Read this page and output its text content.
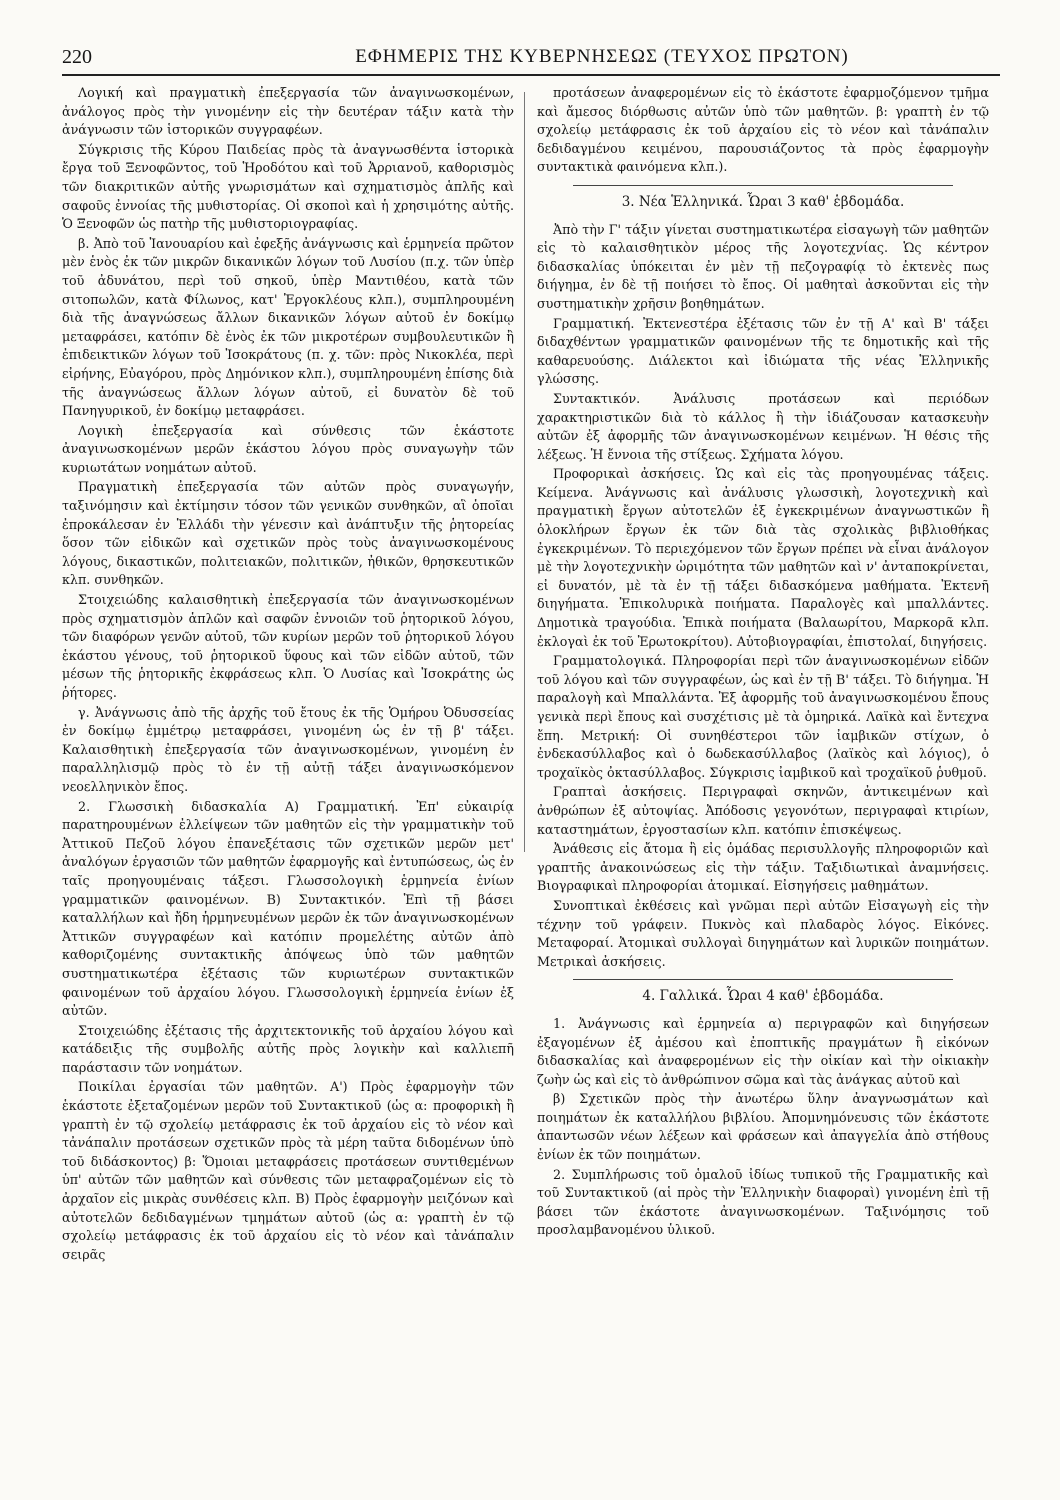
220	ΕΦΗΜΕΡΙΣ ΤΗΣ ΚΥΒΕΡΝΗΣΕΩΣ (ΤΕΥΧΟΣ ΠΡΩΤΟΝ)

Λογική καὶ πραγματικὴ ἐπεξεργασία τῶν ἀναγινωσκομένων, ἀνάλογος πρὸς τὴν γινομένην εἰς τὴν δευτέραν τάξιν κατὰ τὴν ἀνάγνωσιν τῶν ἱστορικῶν συγγραφέων.

Σύγκρισις τῆς Κύρου Παιδείας πρὸς τὰ ἀναγνωσθέντα ἱστορικὰ ἔργα τοῦ Ξενοφῶντος, τοῦ Ἡροδότου καὶ τοῦ Ἀρριανοῦ, καθορισμὸς τῶν διακριτικῶν αὐτῆς γνωρισμάτων καὶ σχηματισμὸς ἁπλῆς καὶ σαφοῦς ἐννοίας τῆς μυθιστορίας. Οἱ σκοποὶ καὶ ἡ χρησιμότης αὐτῆς. Ὁ Ξενοφῶν ὡς πατὴρ τῆς μυθιστοριογραφίας.

β. Ἀπὸ τοῦ Ἰανουαρίου καὶ ἐφεξῆς ἀνάγνωσις καὶ ἑρμηνεία πρῶτον μὲν ἑνὸς ἐκ τῶν μικρῶν δικανικῶν λόγων τοῦ Λυσίου (π.χ. τῶν ὑπὲρ τοῦ ἀδυνάτου, περὶ τοῦ σηκοῦ, ὑπὲρ Μαντιθέου, κατὰ τῶν σιτοπωλῶν, κατὰ Φίλωνος, κατ' Ἐργοκλέους κλπ.), συμπληρουμένη διὰ τῆς ἀναγνώσεως ἄλλων δικανικῶν λόγων αὐτοῦ ἐν δοκίμῳ μεταφράσει, κατόπιν δὲ ἑνὸς ἐκ τῶν μικροτέρων συμβουλευτικῶν ἢ ἐπιδεικτικῶν λόγων τοῦ Ἰσοκράτους (π. χ. τῶν: πρὸς Νικοκλέα, περὶ εἰρήνης, Εὐαγόρου, πρὸς Δημόνικον κλπ.), συμπληρουμένη ἐπίσης διὰ τῆς ἀναγνώσεως ἄλλων λόγων αὐτοῦ, εἰ δυνατὸν δὲ τοῦ Πανηγυρικοῦ, ἐν δοκίμῳ μεταφράσει.

Λογικὴ ἐπεξεργασία καὶ σύνθεσις τῶν ἑκάστοτε ἀναγινωσκομένων μερῶν ἑκάστου λόγου πρὸς συναγωγὴν τῶν κυριωτάτων νοημάτων αὐτοῦ.

Πραγματικὴ ἐπεξεργασία τῶν αὐτῶν πρὸς συναγωγήν, ταξινόμησιν καὶ ἐκτίμησιν τόσον τῶν γενικῶν συνθηκῶν, αἳ ὁποῖαι ἐπροκάλεσαν ἐν Ἑλλάδι τὴν γένεσιν καὶ ἀνάπτυξιν τῆς ῥητορείας ὅσον τῶν εἰδικῶν καὶ σχετικῶν πρὸς τοὺς ἀναγινωσκομένους λόγους, δικαστικῶν, πολιτειακῶν, πολιτικῶν, ἠθικῶν, θρησκευτικῶν κλπ. συνθηκῶν.

Στοιχειώδης καλαισθητικὴ ἐπεξεργασία τῶν ἀναγινωσκομένων πρὸς σχηματισμὸν ἁπλῶν καὶ σαφῶν ἐννοιῶν τοῦ ῥητορικοῦ λόγου, τῶν διαφόρων γενῶν αὐτοῦ, τῶν κυρίων μερῶν τοῦ ῥητορικοῦ λόγου ἑκάστου γένους, τοῦ ῥητορικοῦ ὕφους καὶ τῶν εἰδῶν αὐτοῦ, τῶν μέσων τῆς ῥητορικῆς ἐκφράσεως κλπ. Ὁ Λυσίας καὶ Ἰσοκράτης ὡς ῥήτορες.

γ. Ἀνάγνωσις ἀπὸ τῆς ἀρχῆς τοῦ ἔτους ἐκ τῆς Ὁμήρου Ὀδυσσείας ἐν δοκίμῳ ἐμμέτρῳ μεταφράσει, γινομένη ὡς ἐν τῇ β' τάξει. Καλαισθητικὴ ἐπεξεργασία τῶν ἀναγινωσκομένων, γινομένη ἐν παραλληλισμῷ πρὸς τὸ ἐν τῇ αὐτῇ τάξει ἀναγινωσκόμενον νεοελληνικὸν ἔπος.

2. Γλωσσικὴ διδασκαλία Α) Γραμματική. Ἐπ' εὐκαιρίᾳ παρατηρουμένων ἐλλείψεων τῶν μαθητῶν εἰς τὴν γραμματικὴν τοῦ Ἀττικοῦ Πεζοῦ λόγου ἐπανεξέτασις τῶν σχετικῶν μερῶν μετ' ἀναλόγων ἐργασιῶν τῶν μαθητῶν ἐφαρμογῆς καὶ ἐντυπώσεως, ὡς ἐν ταῖς προηγουμέναις τάξεσι. Γλωσσολογικὴ ἑρμηνεία ἐνίων γραμματικῶν φαινομένων. Β) Συντακτικόν. Ἐπὶ τῇ βάσει καταλλήλων καὶ ἤδη ἡρμηνευμένων μερῶν ἐκ τῶν ἀναγινωσκομένων Ἀττικῶν συγγραφέων καὶ κατόπιν προμελέτης αὐτῶν ἀπὸ καθοριζομένης συντακτικῆς ἀπόψεως ὑπὸ τῶν μαθητῶν συστηματικωτέρα ἐξέτασις τῶν κυριωτέρων συντακτικῶν φαινομένων τοῦ ἀρχαίου λόγου. Γλωσσολογικὴ ἑρμηνεία ἐνίων ἐξ αὐτῶν.

Στοιχειώδης ἐξέτασις τῆς ἀρχιτεκτονικῆς τοῦ ἀρχαίου λόγου καὶ κατάδειξις τῆς συμβολῆς αὐτῆς πρὸς λογικὴν καὶ καλλιεπῆ παράστασιν τῶν νοημάτων.

Ποικίλαι ἐργασίαι τῶν μαθητῶν. Α') Πρὸς ἐφαρμογὴν τῶν ἑκάστοτε ἐξεταζομένων μερῶν τοῦ Συντακτικοῦ (ὡς α: προφορικὴ ἢ γραπτὴ ἐν τῷ σχολείῳ μετάφρασις ἐκ τοῦ ἀρχαίου εἰς τὸ νέον καὶ τἀνάπαλιν προτάσεων σχετικῶν πρὸς τὰ μέρη ταῦτα διδομένων ὑπὸ τοῦ διδάσκοντος) β: Ὅμοιαι μεταφράσεις προτάσεων συντιθεμένων ὑπ' αὐτῶν τῶν μαθητῶν καὶ σύνθεσις τῶν μεταφραζομένων εἰς τὸ ἀρχαῖον εἰς μικρὰς συνθέσεις κλπ. Β) Πρὸς ἐφαρμογὴν μειζόνων καὶ αὐτοτελῶν δεδιδαγμένων τμημάτων αὐτοῦ (ὡς α: γραπτὴ ἐν τῷ σχολείῳ μετάφρασις ἐκ τοῦ ἀρχαίου εἰς τὸ νέον καὶ τἀνάπαλιν σειρᾶς

προτάσεων ἀναφερομένων εἰς τὸ ἑκάστοτε ἐφαρμοζόμενον τμῆμα καὶ ἄμεσος διόρθωσις αὐτῶν ὑπὸ τῶν μαθητῶν. β: γραπτὴ ἐν τῷ σχολείῳ μετάφρασις ἐκ τοῦ ἀρχαίου εἰς τὸ νέον καὶ τἀνάπαλιν δεδιδαγμένου κειμένου, παρουσιάζοντος τὰ πρὸς ἐφαρμογὴν συντακτικὰ φαινόμενα κλπ.).

3. Νέα Ἑλληνικά. Ὧραι 3 καθ' ἑβδομάδα.

Ἀπὸ τὴν Γ' τάξιν γίνεται συστηματικωτέρα εἰσαγωγὴ τῶν μαθητῶν εἰς τὸ καλαισθητικὸν μέρος τῆς λογοτεχνίας. Ὡς κέντρον διδασκαλίας ὑπόκειται ἐν μὲν τῇ πεζογραφίᾳ τὸ ἐκτενὲς πως διήγημα, ἐν δὲ τῇ ποιήσει τὸ ἔπος. Οἱ μαθηταὶ ἀσκοῦνται εἰς τὴν συστηματικὴν χρῆσιν βοηθημάτων.

Γραμματική. Ἐκτενεστέρα ἐξέτασις τῶν ἐν τῇ Α' καὶ Β' τάξει διδαχθέντων γραμματικῶν φαινομένων τῆς τε δημοτικῆς καὶ τῆς καθαρευούσης. Διάλεκτοι καὶ ἰδιώματα τῆς νέας Ἑλληνικῆς γλώσσης.

Συντακτικόν. Ἀνάλυσις προτάσεων καὶ περιόδων χαρακτηριστικῶν διὰ τὸ κάλλος ἢ τὴν ἰδιάζουσαν κατασκευὴν αὐτῶν ἐξ ἀφορμῆς τῶν ἀναγινωσκομένων κειμένων. Ἡ θέσις τῆς λέξεως. Ἡ ἔννοια τῆς στίξεως. Σχήματα λόγου.

Προφορικαὶ ἀσκήσεις. Ὡς καὶ εἰς τὰς προηγουμένας τάξεις. Κείμενα. Ἀνάγνωσις καὶ ἀνάλυσις γλωσσικὴ, λογοτεχνικὴ καὶ πραγματικὴ ἔργων αὐτοτελῶν ἐξ ἐγκεκριμένων ἀναγνωστικῶν ἢ ὁλοκλήρων ἔργων ἐκ τῶν διὰ τὰς σχολικὰς βιβλιοθήκας ἐγκεκριμένων. Τὸ περιεχόμενον τῶν ἔργων πρέπει νὰ εἶναι ἀνάλογον μὲ τὴν λογοτεχνικὴν ὡριμότητα τῶν μαθητῶν καὶ ν' ἀνταποκρίνεται, εἰ δυνατόν, μὲ τὰ ἐν τῇ τάξει διδασκόμενα μαθήματα. Ἐκτενῆ διηγήματα. Ἐπικολυρικὰ ποιήματα. Παραλογὲς καὶ μπαλλάντες. Δημοτικὰ τραγούδια. Ἐπικὰ ποιήματα (Βαλαωρίτου, Μαρκορᾶ κλπ. ἐκλογαὶ ἐκ τοῦ Ἐρωτοκρίτου). Αὐτοβιογραφίαι, ἐπιστολαί, διηγήσεις.

Γραμματολογικά. Πληροφορίαι περὶ τῶν ἀναγινωσκομένων εἰδῶν τοῦ λόγου καὶ τῶν συγγραφέων, ὡς καὶ ἐν τῇ Β' τάξει. Τὸ διήγημα. Ἡ παραλογὴ καὶ Μπαλλάντα. Ἐξ ἀφορμῆς τοῦ ἀναγινωσκομένου ἔπους γενικὰ περὶ ἔπους καὶ συσχέτισις μὲ τὰ ὁμηρικά. Λαϊκὰ καὶ ἔντεχνα ἔπη. Μετρική: Οἱ συνηθέστεροι τῶν ἰαμβικῶν στίχων, ὁ ἐνδεκασύλλαβος καὶ ὁ δωδεκασύλλαβος (λαϊκὸς καὶ λόγιος), ὁ τροχαϊκὸς ὀκτασύλλαβος. Σύγκρισις ἰαμβικοῦ καὶ τροχαϊκοῦ ῥυθμοῦ.

Γραπταὶ ἀσκήσεις. Περιγραφαὶ σκηνῶν, ἀντικειμένων καὶ ἀνθρώπων ἐξ αὐτοψίας. Ἀπόδοσις γεγονότων, περιγραφαὶ κτιρίων, καταστημάτων, ἐργοστασίων κλπ. κατόπιν ἐπισκέψεως.

Ἀνάθεσις εἰς ἄτομα ἢ εἰς ὁμάδας περισυλλογῆς πληροφοριῶν καὶ γραπτῆς ἀνακοινώσεως εἰς τὴν τάξιν. Ταξιδιωτικαὶ ἀναμνήσεις. Βιογραφικαὶ πληροφορίαι ἀτομικαί. Εἰσηγήσεις μαθημάτων.

Συνοπτικαὶ ἐκθέσεις καὶ γνῶμαι περὶ αὐτῶν Εἰσαγωγὴ εἰς τὴν τέχνην τοῦ γράφειν. Πυκνὸς καὶ πλαδαρὸς λόγος. Εἰκόνες. Μεταφοραί. Ἀτομικαὶ συλλογαὶ διηγημάτων καὶ λυρικῶν ποιημάτων. Μετρικαὶ ἀσκήσεις.

4. Γαλλικά. Ὧραι 4 καθ' ἑβδομάδα.

1. Ἀνάγνωσις καὶ ἑρμηνεία α) περιγραφῶν καὶ διηγήσεων ἐξαγομένων ἐξ ἀμέσου καὶ ἐποπτικῆς πραγμάτων ἢ εἰκόνων διδασκαλίας καὶ ἀναφερομένων εἰς τὴν οἰκίαν καὶ τὴν οἰκιακὴν ζωὴν ὡς καὶ εἰς τὸ ἀνθρώπινον σῶμα καὶ τὰς ἀνάγκας αὐτοῦ καὶ

β) Σχετικῶν πρὸς τὴν ἀνωτέρω ὕλην ἀναγνωσμάτων καὶ ποιημάτων ἐκ καταλλήλου βιβλίου. Ἀπομνημόνευσις τῶν ἑκάστοτε ἀπαντωσῶν νέων λέξεων καὶ φράσεων καὶ ἀπαγγελία ἀπὸ στήθους ἐνίων ἐκ τῶν ποιημάτων.

2. Συμπλήρωσις τοῦ ὁμαλοῦ ἰδίως τυπικοῦ τῆς Γραμματικῆς καὶ τοῦ Συντακτικοῦ (αἱ πρὸς τὴν Ἑλληνικὴν διαφοραὶ) γινομένη ἐπὶ τῇ βάσει τῶν ἑκάστοτε ἀναγινωσκομένων. Ταξινόμησις τοῦ προσλαμβανομένου ὑλικοῦ.
